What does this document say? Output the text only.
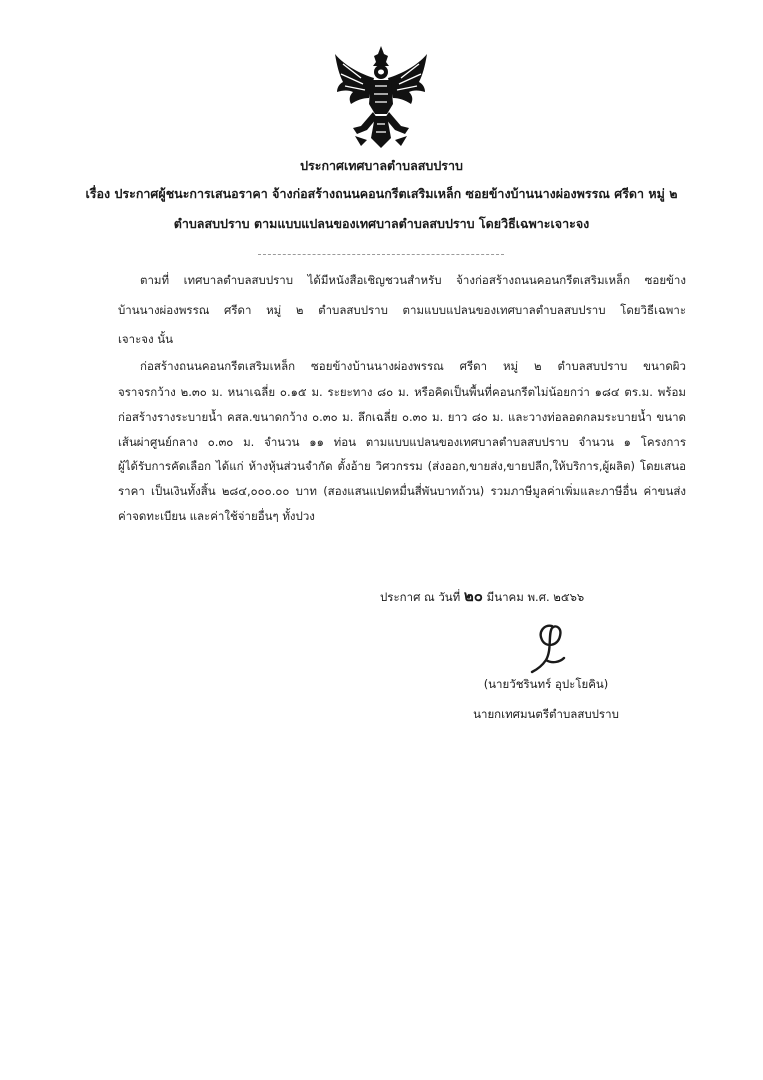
ประกาศเทศบาลตำบลสบปราบ
เรื่อง ประกาศผู้ชนะการเสนอราคา จ้างก่อสร้างถนนคอนกรีตเสริมเหล็ก ซอยข้างบ้านนางผ่องพรรณ ศรีดา หมู่ ๒
ตำบลสบปราบ ตามแบบแปลนของเทศบาลตำบลสบปราบ โดยวิธีเฉพาะเจาะจง
ตามที่ เทศบาลตำบลสบปราบ ได้มีหนังสือเชิญชวนสำหรับ จ้างก่อสร้างถนนคอนกรีตเสริมเหล็ก ซอยข้าง
บ้านนางผ่องพรรณ ศรีดา หมู่ ๒ ตำบลสบปราบ ตามแบบแปลนของเทศบาลตำบลสบปราบ โดยวิธีเฉพาะ
เจาะจง นั้น
ก่อสร้างถนนคอนกรีตเสริมเหล็ก ซอยข้างบ้านนางผ่องพรรณ ศรีดา หมู่ ๒ ตำบลสบปราบ ขนาดผิว
จราจรกว้าง ๒.๓๐ ม. หนาเฉลี่ย ๐.๑๕ ม. ระยะทาง ๘๐ ม. หรือคิดเป็นพื้นที่คอนกรีตไม่น้อยกว่า ๑๘๔ ตร.ม. พร้อม
ก่อสร้างรางระบายน้ำ คสล.ขนาดกว้าง ๐.๓๐ ม. ลึกเฉลี่ย ๐.๓๐ ม. ยาว ๘๐ ม. และวางท่อลอดกลมระบายน้ำ ขนาด
เส้นผ่าศูนย์กลาง ๐.๓๐ ม. จำนวน ๑๑ ท่อน ตามแบบแปลนของเทศบาลตำบลสบปราบ จำนวน ๑ โครงการ
ผู้ได้รับการคัดเลือก ได้แก่ ห้างหุ้นส่วนจำกัด ตั้งอ้าย วิศวกรรม (ส่งออก,ขายส่ง,ขายปลีก,ให้บริการ,ผู้ผลิต) โดยเสนอ
ราคา เป็นเงินทั้งสิ้น ๒๘๔,๐๐๐.๐๐ บาท (สองแสนแปดหมื่นสี่พันบาทถ้วน) รวมภาษีมูลค่าเพิ่มและภาษีอื่น ค่าขนส่ง
ค่าจดทะเบียน และค่าใช้จ่ายอื่นๆ ทั้งปวง
ประกาศ ณ วันที่ ๒๐ มีนาคม พ.ศ. ๒๕๖๖
(นายวัชรินทร์ อุปะโยคิน)
นายกเทศมนตรีตำบลสบปราบ
